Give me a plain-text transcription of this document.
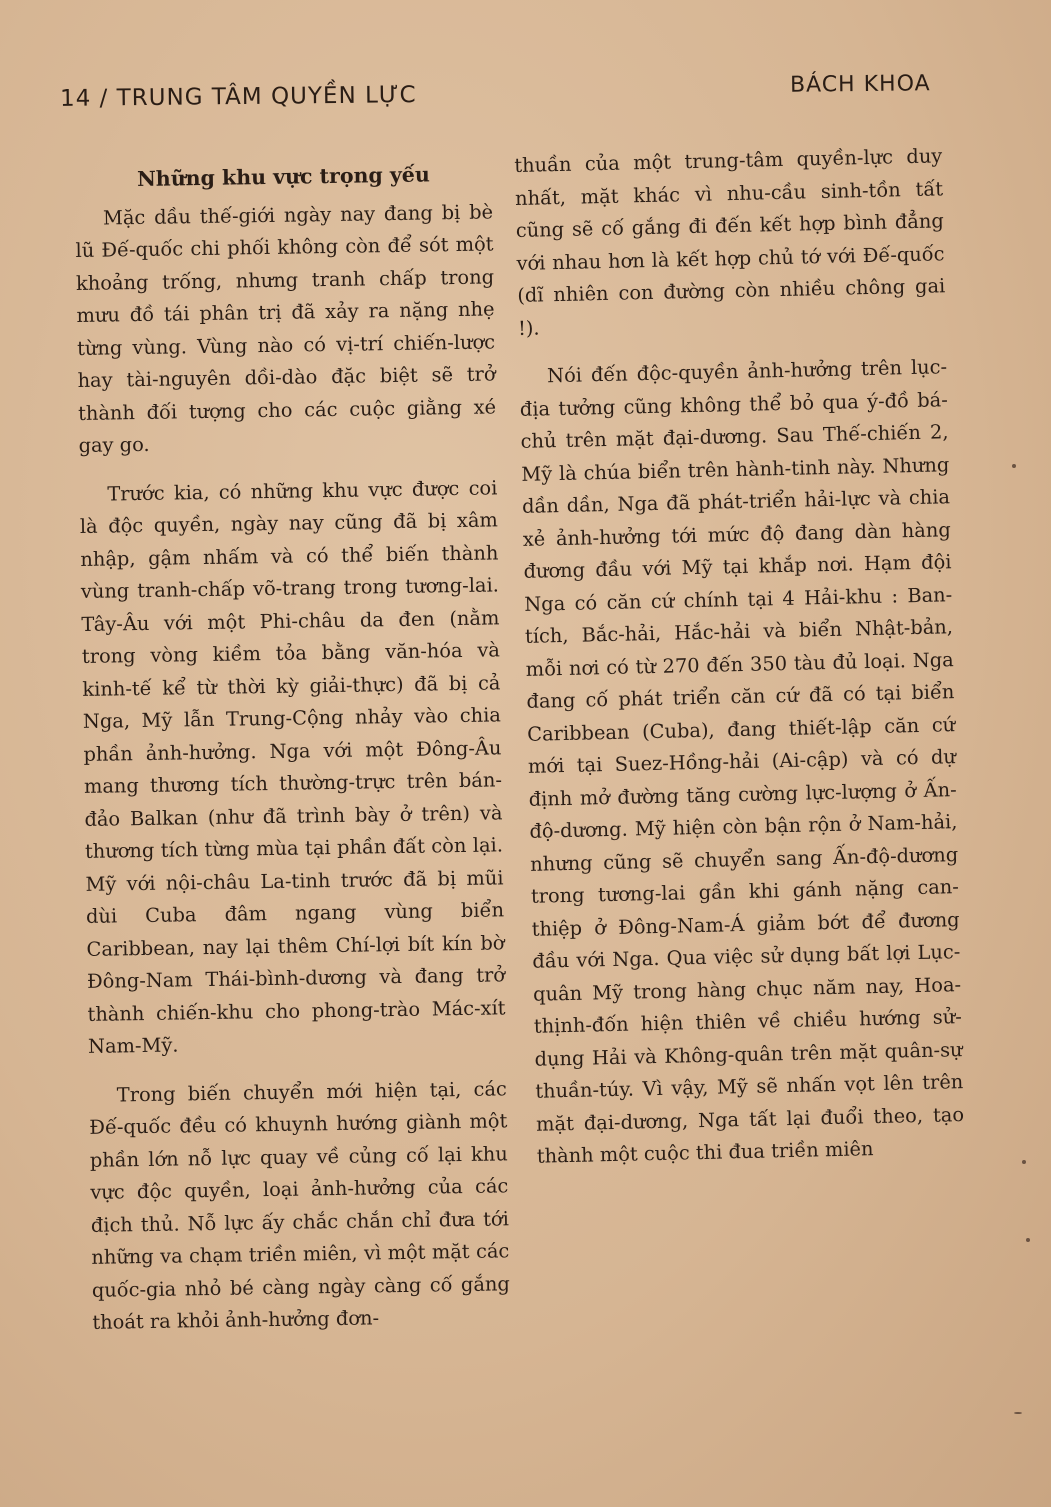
14 / TRUNG TÂM QUYỀN LỰC	BÁCH KHOA
Những khu vực trọng yếu

Mặc dầu thế-giới ngày nay đang bị bè lũ Đế-quốc chi phối không còn để sót một khoảng trống, nhưng tranh chấp trong mưu đồ tái phân trị đã xảy ra nặng nhẹ từng vùng. Vùng nào có vị-trí chiến-lược hay tài-nguyên dồi-dào đặc biệt sẽ trở thành đối tượng cho các cuộc giằng xé gay go.

Trước kia, có những khu vực được coi là độc quyền, ngày nay cũng đã bị xâm nhập, gậm nhấm và có thể biến thành vùng tranh-chấp võ-trang trong tương-lai. Tây-Âu với một Phi-châu da đen (nằm trong vòng kiềm tỏa bằng văn-hóa và kinh-tế kể từ thời kỳ giải-thực) đã bị cả Nga, Mỹ lẫn Trung-Cộng nhảy vào chia phần ảnh-hưởng. Nga với một Đông-Âu mang thương tích thường-trực trên bán-đảo Balkan (như đã trình bày ở trên) và thương tích từng mùa tại phần đất còn lại. Mỹ với nội-châu La-tinh trước đã bị mũi dùi Cuba đâm ngang vùng biển Caribbean, nay lại thêm Chí-lợi bít kín bờ Đông-Nam Thái-bình-dương và đang trở thành chiến-khu cho phong-trào Mác-xít Nam-Mỹ.

Trong biến chuyển mới hiện tại, các Đế-quốc đều có khuynh hướng giành một phần lớn nỗ lực quay về củng cố lại khu vực độc quyền, loại ảnh-hưởng của các địch thủ. Nỗ lực ấy chắc chắn chỉ đưa tới những va chạm triền miên, vì một mặt các quốc-gia nhỏ bé càng ngày càng cố gắng thoát ra khỏi ảnh-hưởng đơn-

thuần của một trung-tâm quyền-lực duy nhất, mặt khác vì nhu-cầu sinh-tồn tất cũng sẽ cố gắng đi đến kết hợp bình đẳng với nhau hơn là kết hợp chủ tớ với Đế-quốc (dĩ nhiên con đường còn nhiều chông gai !).

Nói đến độc-quyền ảnh-hưởng trên lục-địa tưởng cũng không thể bỏ qua ý-đồ bá-chủ trên mặt đại-dương. Sau Thế-chiến 2, Mỹ là chúa biển trên hành-tinh này. Nhưng dần dần, Nga đã phát-triển hải-lực và chia xẻ ảnh-hưởng tới mức độ đang dàn hàng đương đầu với Mỹ tại khắp nơi. Hạm đội Nga có căn cứ chính tại 4 Hải-khu : Ban-tích, Bắc-hải, Hắc-hải và biển Nhật-bản, mỗi nơi có từ 270 đến 350 tàu đủ loại. Nga đang cố phát triển căn cứ đã có tại biển Caribbean (Cuba), đang thiết-lập căn cứ mới tại Suez-Hồng-hải (Ai-cập) và có dự định mở đường tăng cường lực-lượng ở Ấn-độ-dương. Mỹ hiện còn bận rộn ở Nam-hải, nhưng cũng sẽ chuyển sang Ấn-độ-dương trong tương-lai gần khi gánh nặng can-thiệp ở Đông-Nam-Á giảm bớt để đương đầu với Nga. Qua việc sử dụng bất lợi Lục-quân Mỹ trong hàng chục năm nay, Hoa-thịnh-đốn hiện thiên về chiều hướng sử-dụng Hải và Không-quân trên mặt quân-sự thuần-túy. Vì vậy, Mỹ sẽ nhấn vọt lên trên mặt đại-dương, Nga tất lại đuổi theo, tạo thành một cuộc thi đua triền miên
